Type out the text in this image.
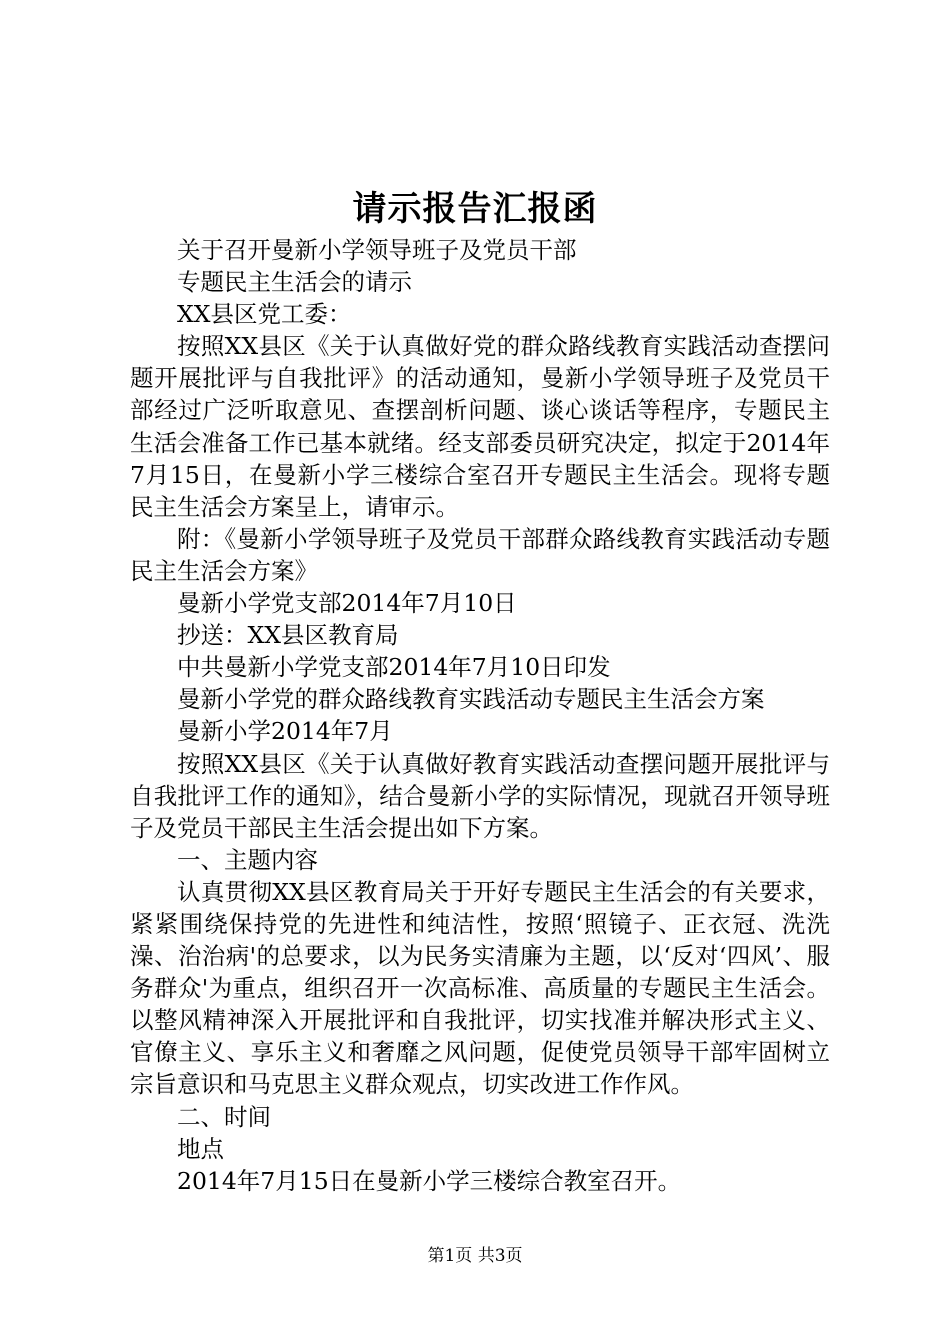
请示报告汇报函
关于召开曼新小学领导班子及党员干部
专题民主生活会的请示
XX县区党工委：

按照XX县区《关于认真做好党的群众路线教育实践活动查摆问题开展批评与自我批评》的活动通知，曼新小学领导班子及党员干部经过广泛听取意见、查摆剖析问题、谈心谈话等程序，专题民主生活会准备工作已基本就绪。经支部委员研究决定，拟定于2014年7月15日，在曼新小学三楼综合室召开专题民主生活会。现将专题民主生活会方案呈上，请审示。

附：《曼新小学领导班子及党员干部群众路线教育实践活动专题民主生活会方案》

曼新小学党支部2014年7月10日
抄送：XX县区教育局
中共曼新小学党支部2014年7月10日印发
曼新小学党的群众路线教育实践活动专题民主生活会方案
曼新小学2014年7月

按照XX县区《关于认真做好教育实践活动查摆问题开展批评与自我批评工作的通知》，结合曼新小学的实际情况，现就召开领导班子及党员干部民主生活会提出如下方案。

一、主题内容

认真贯彻XX县区教育局关于开好专题民主生活会的有关要求，紧紧围绕保持党的先进性和纯洁性，按照‘照镜子、正衣冠、洗洗澡、治治病'的总要求，以为民务实清廉为主题，以‘反对‘四风’、服务群众'为重点，组织召开一次高标准、高质量的专题民主生活会。以整风精神深入开展批评和自我批评，切实找准并解决形式主义、官僚主义、享乐主义和奢靡之风问题，促使党员领导干部牢固树立宗旨意识和马克思主义群众观点，切实改进工作作风。

二、时间
地点
2014年7月15日在曼新小学三楼综合教室召开。
第1页 共3页
